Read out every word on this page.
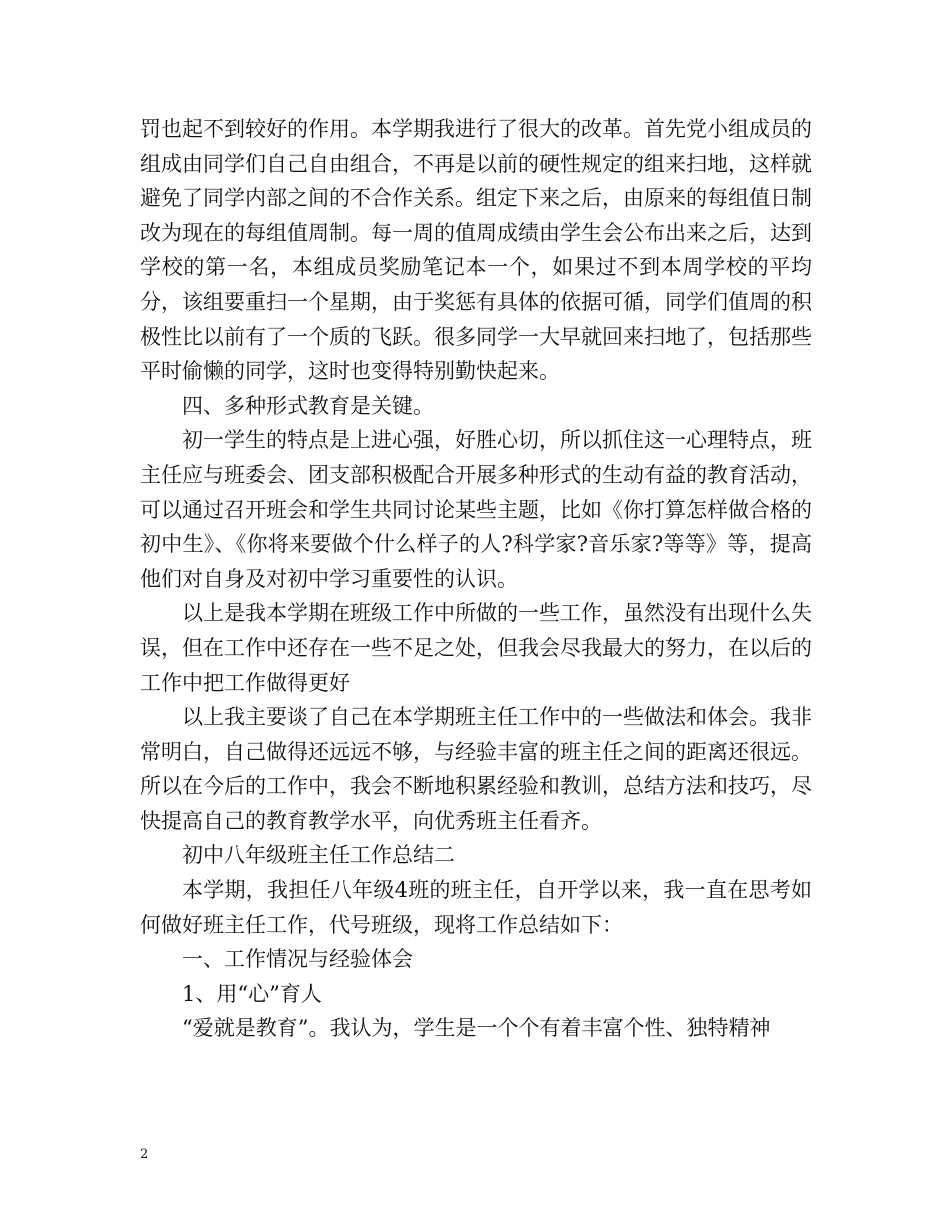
罚也起不到较好的作用。本学期我进行了很大的改革。首先党小组成员的组成由同学们自己自由组合，不再是以前的硬性规定的组来扫地，这样就避免了同学内部之间的不合作关系。组定下来之后，由原来的每组值日制改为现在的每组值周制。每一周的值周成绩由学生会公布出来之后，达到学校的第一名，本组成员奖励笔记本一个，如果过不到本周学校的平均分，该组要重扫一个星期，由于奖惩有具体的依据可循，同学们值周的积极性比以前有了一个质的飞跃。很多同学一大早就回来扫地了，包括那些平时偷懒的同学，这时也变得特别勤快起来。

四、多种形式教育是关键。

初一学生的特点是上进心强，好胜心切，所以抓住这一心理特点，班主任应与班委会、团支部积极配合开展多种形式的生动有益的教育活动，可以通过召开班会和学生共同讨论某些主题，比如《你打算怎样做合格的初中生》、《你将来要做个什么样子的人?科学家?音乐家?等等》等，提高他们对自身及对初中学习重要性的认识。

以上是我本学期在班级工作中所做的一些工作，虽然没有出现什么失误，但在工作中还存在一些不足之处，但我会尽我最大的努力，在以后的工作中把工作做得更好

以上我主要谈了自己在本学期班主任工作中的一些做法和体会。我非常明白，自己做得还远远不够，与经验丰富的班主任之间的距离还很远。所以在今后的工作中，我会不断地积累经验和教训，总结方法和技巧，尽快提高自己的教育教学水平，向优秀班主任看齐。

初中八年级班主任工作总结二

本学期，我担任八年级4班的班主任，自开学以来，我一直在思考如何做好班主任工作，代号班级，现将工作总结如下：

一、工作情况与经验体会

1、用“心”育人

“爱就是教育”。我认为，学生是一个个有着丰富个性、独特精神

2
